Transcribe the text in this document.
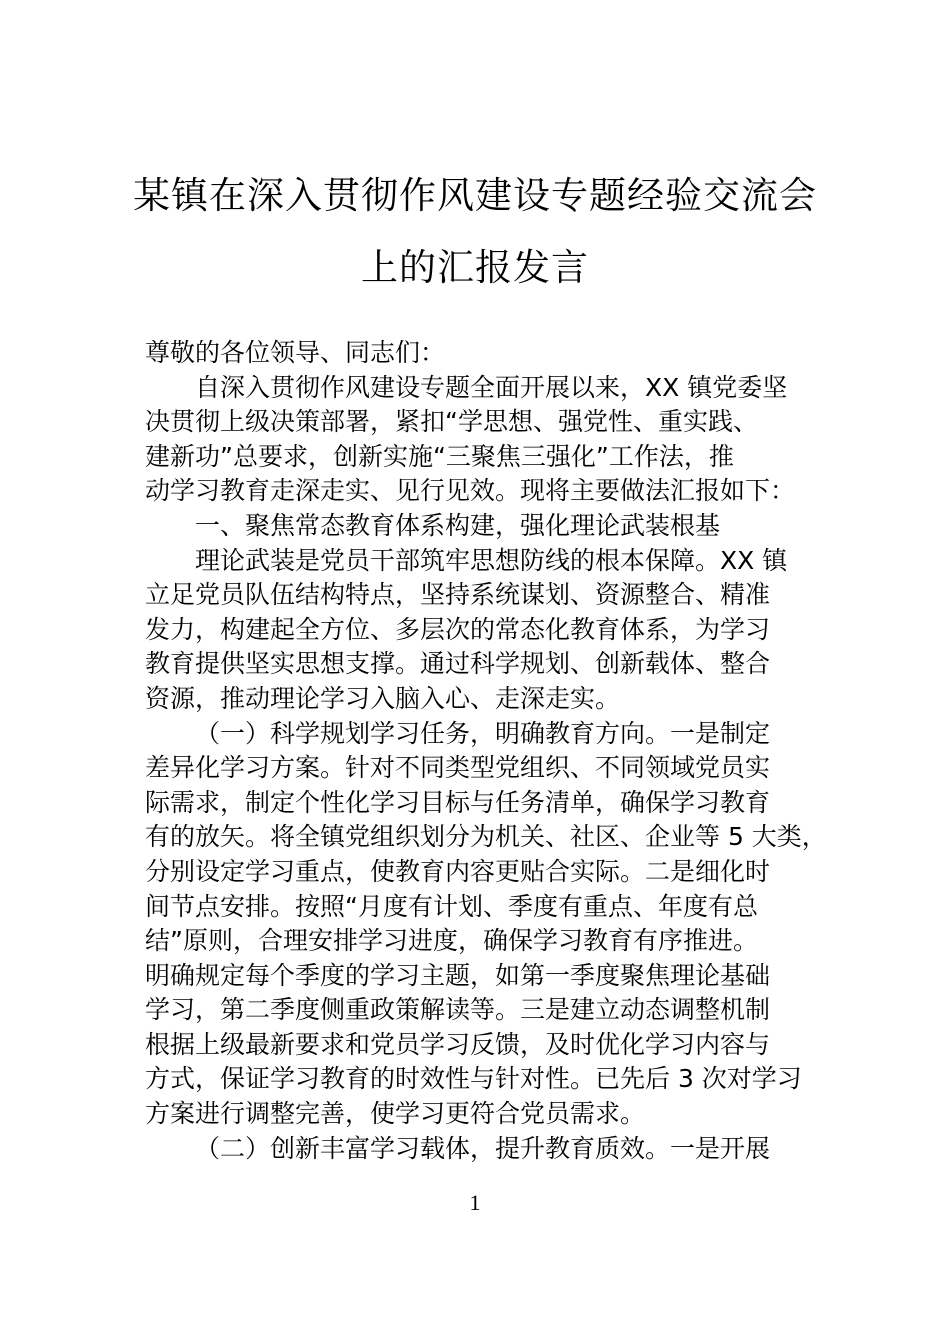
某镇在深入贯彻作风建设专题经验交流会
上的汇报发言
尊敬的各位领导、同志们：
自深入贯彻作风建设专题全面开展以来，XX 镇党委坚
决贯彻上级决策部署，紧扣“学思想、强党性、重实践、
建新功”总要求，创新实施“三聚焦三强化”工作法，推
动学习教育走深走实、见行见效。现将主要做法汇报如下：
一、聚焦常态教育体系构建，强化理论武装根基
理论武装是党员干部筑牢思想防线的根本保障。XX 镇
立足党员队伍结构特点，坚持系统谋划、资源整合、精准
发力，构建起全方位、多层次的常态化教育体系，为学习
教育提供坚实思想支撑。通过科学规划、创新载体、整合
资源，推动理论学习入脑入心、走深走实。
（一）科学规划学习任务，明确教育方向。一是制定
差异化学习方案。针对不同类型党组织、不同领域党员实
际需求，制定个性化学习目标与任务清单，确保学习教育
有的放矢。将全镇党组织划分为机关、社区、企业等 5 大类，
分别设定学习重点，使教育内容更贴合实际。二是细化时
间节点安排。按照“月度有计划、季度有重点、年度有总
结”原则，合理安排学习进度，确保学习教育有序推进。
明确规定每个季度的学习主题，如第一季度聚焦理论基础
学习，第二季度侧重政策解读等。三是建立动态调整机制
根据上级最新要求和党员学习反馈，及时优化学习内容与
方式，保证学习教育的时效性与针对性。已先后 3 次对学习
方案进行调整完善，使学习更符合党员需求。
（二）创新丰富学习载体，提升教育质效。一是开展
1
